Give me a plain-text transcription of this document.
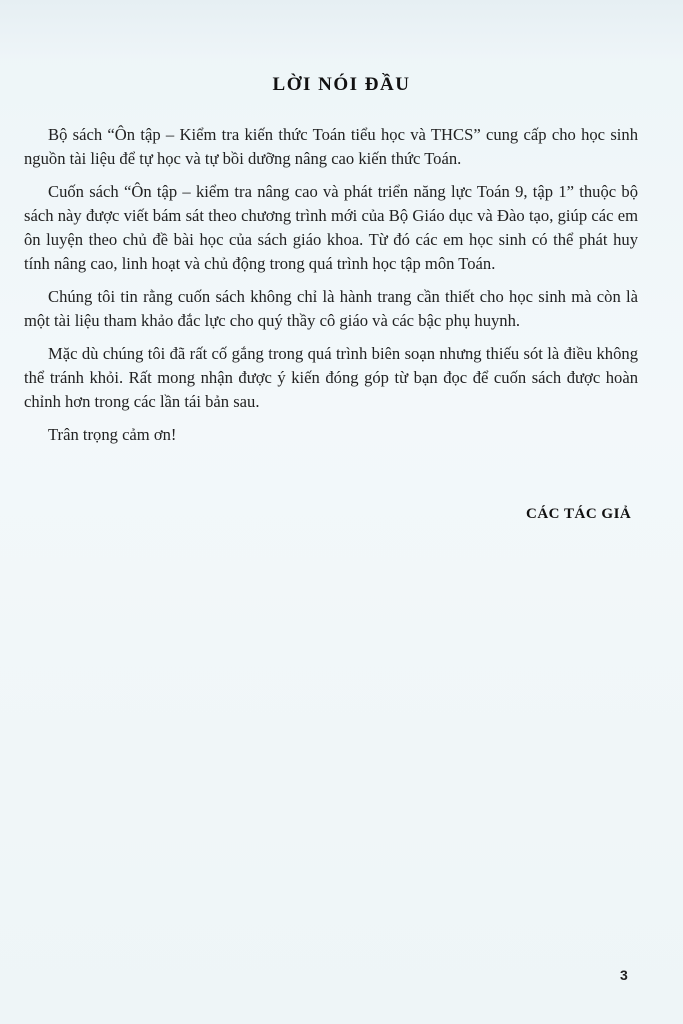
LỜI NÓI ĐẦU

Bộ sách “Ôn tập – Kiểm tra kiến thức Toán tiểu học và THCS” cung cấp cho học sinh nguồn tài liệu để tự học và tự bồi dưỡng nâng cao kiến thức Toán.

Cuốn sách “Ôn tập – kiểm tra nâng cao và phát triển năng lực Toán 9, tập 1” thuộc bộ sách này được viết bám sát theo chương trình mới của Bộ Giáo dục và Đào tạo, giúp các em ôn luyện theo chủ đề bài học của sách giáo khoa. Từ đó các em học sinh có thể phát huy tính nâng cao, linh hoạt và chủ động trong quá trình học tập môn Toán.

Chúng tôi tin rằng cuốn sách không chỉ là hành trang cần thiết cho học sinh mà còn là một tài liệu tham khảo đắc lực cho quý thầy cô giáo và các bậc phụ huynh.

Mặc dù chúng tôi đã rất cố gắng trong quá trình biên soạn nhưng thiếu sót là điều không thể tránh khỏi. Rất mong nhận được ý kiến đóng góp từ bạn đọc để cuốn sách được hoàn chỉnh hơn trong các lần tái bản sau.

Trân trọng cảm ơn!

CÁC TÁC GIẢ
3
